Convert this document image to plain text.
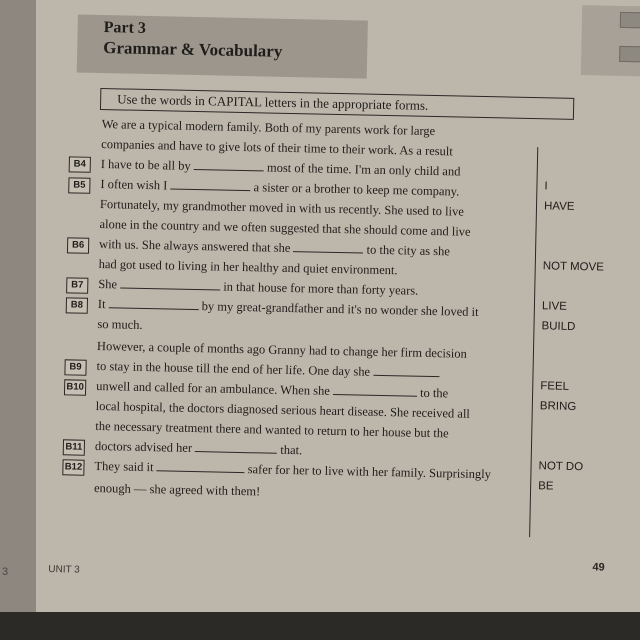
Part 3
Grammar & Vocabulary
Use the words in CAPITAL letters in the appropriate forms.
We are a typical modern family. Both of my parents work for large
companies and have to give lots of their time to their work. As a result
I have to be all by	most of the time. I'm an only child and
I often wish I	a sister or a brother to keep me company.
Fortunately, my grandmother moved in with us recently. She used to live
alone in the country and we often suggested that she should come and live
with us. She always answered that she	to the city as she
had got used to living in her healthy and quiet environment.
She	in that house for more than forty years.
It	by my great-grandfather and it's no wonder she loved it
so much.
However, a couple of months ago Granny had to change her firm decision
to stay in the house till the end of her life. One day she
unwell and called for an ambulance. When she	to the
local hospital, the doctors diagnosed serious heart disease. She received all
the necessary treatment there and wanted to return to her house but the
doctors advised her	that.
They said it	safer for her to live with her family. Surprisingly
enough — she agreed with them!
B4
B5
B6
B7
B8
B9
B10
B11
B12
I
HAVE
NOT MOVE
LIVE
BUILD
FEEL
BRING
NOT DO
BE
UNIT 3	49
3
